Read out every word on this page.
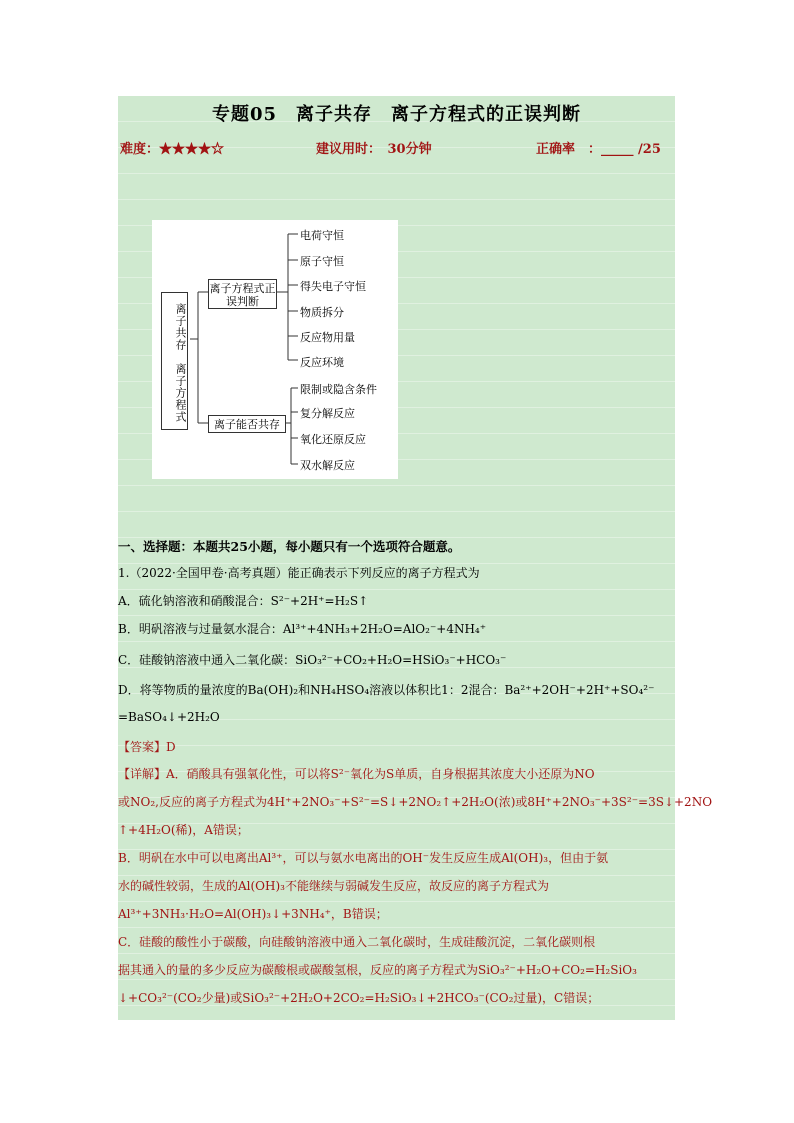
专题05　离子共存　离子方程式的正误判断
难度：★★★★☆	建议用时：　30分钟	正确率　：_____ /25
离子共存　离子方程式
离子方程式正误判断
离子能否共存
电荷守恒
原子守恒
得失电子守恒
物质拆分
反应物用量
反应环境
限制或隐含条件
复分解反应
氧化还原反应
双水解反应
一、选择题：本题共25小题，每小题只有一个选项符合题意。
1.（2022·全国甲卷·高考真题）能正确表示下列反应的离子方程式为
A．硫化钠溶液和硝酸混合：S²⁻+2H⁺=H₂S↑
B．明矾溶液与过量氨水混合：Al³⁺+4NH₃+2H₂O=AlO₂⁻+4NH₄⁺
C．硅酸钠溶液中通入二氧化碳：SiO₃²⁻+CO₂+H₂O=HSiO₃⁻+HCO₃⁻
D．将等物质的量浓度的Ba(OH)₂和NH₄HSO₄溶液以体积比1：2混合：Ba²⁺+2OH⁻+2H⁺+SO₄²⁻
=BaSO₄↓+2H₂O
【答案】D
【详解】A．硝酸具有强氧化性，可以将S²⁻氧化为S单质，自身根据其浓度大小还原为NO
或NO₂,反应的离子方程式为4H⁺+2NO₃⁻+S²⁻=S↓+2NO₂↑+2H₂O(浓)或8H⁺+2NO₃⁻+3S²⁻=3S↓+2NO
↑+4H₂O(稀)，A错误；
B．明矾在水中可以电离出Al³⁺，可以与氨水电离出的OH⁻发生反应生成Al(OH)₃，但由于氨
水的碱性较弱，生成的Al(OH)₃不能继续与弱碱发生反应，故反应的离子方程式为
Al³⁺+3NH₃·H₂O=Al(OH)₃↓+3NH₄⁺，B错误；
C．硅酸的酸性小于碳酸，向硅酸钠溶液中通入二氧化碳时，生成硅酸沉淀，二氧化碳则根
据其通入的量的多少反应为碳酸根或碳酸氢根，反应的离子方程式为SiO₃²⁻+H₂O+CO₂=H₂SiO₃
↓+CO₃²⁻(CO₂少量)或SiO₃²⁻+2H₂O+2CO₂=H₂SiO₃↓+2HCO₃⁻(CO₂过量)，C错误；
